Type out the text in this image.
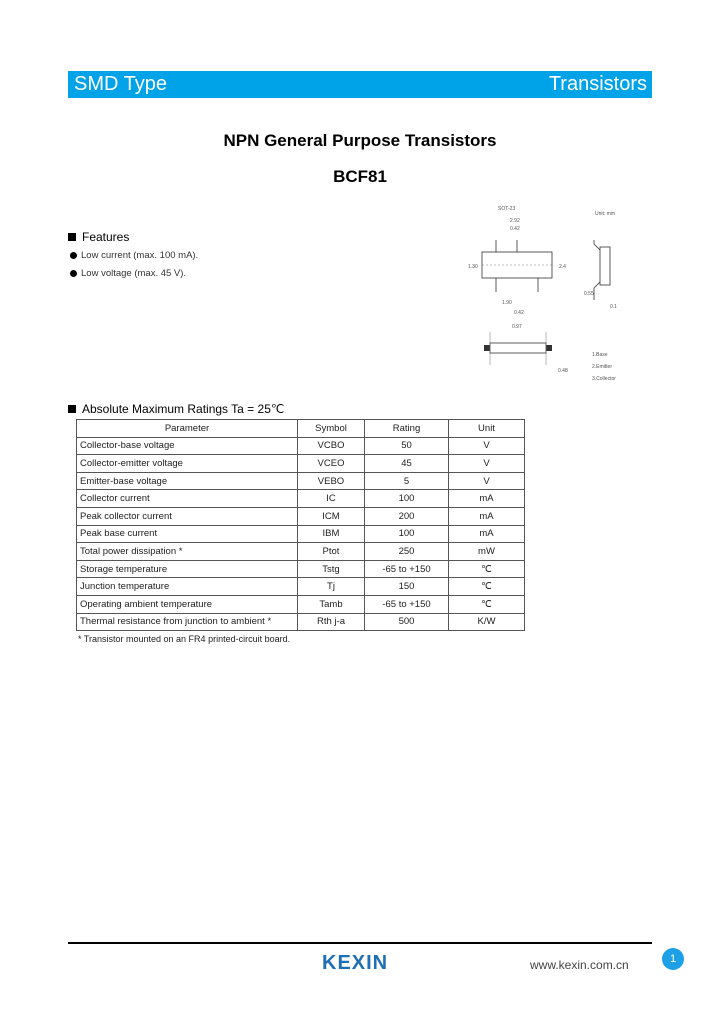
SMD Type	Transistors
NPN General Purpose Transistors
BCF81
Features
Low current (max. 100 mA).
Low voltage (max. 45 V).
SOT-23
Unit: mm
2.92
0.42
1.30	2.4
1.90
0.42
0.55
0.1
0.97
0.48
1.Base
2.Emitter
3.Collector
Absolute Maximum Ratings Ta = 25℃
Parameter	Symbol	Rating	Unit
Collector-base voltage	VCBO	50	V
Collector-emitter voltage	VCEO	45	V
Emitter-base voltage	VEBO	5	V
Collector current	IC	100	mA
Peak collector current	ICM	200	mA
Peak base current	IBM	100	mA
Total power dissipation *	Ptot	250	mW
Storage temperature	Tstg	-65 to +150	℃
Junction temperature	Tj	150	℃
Operating ambient temperature	Tamb	-65 to +150	℃
Thermal resistance from junction to ambient *	Rth j-a	500	K/W
* Transistor mounted on an FR4 printed-circuit board.
KEXIN	www.kexin.com.cn	1
